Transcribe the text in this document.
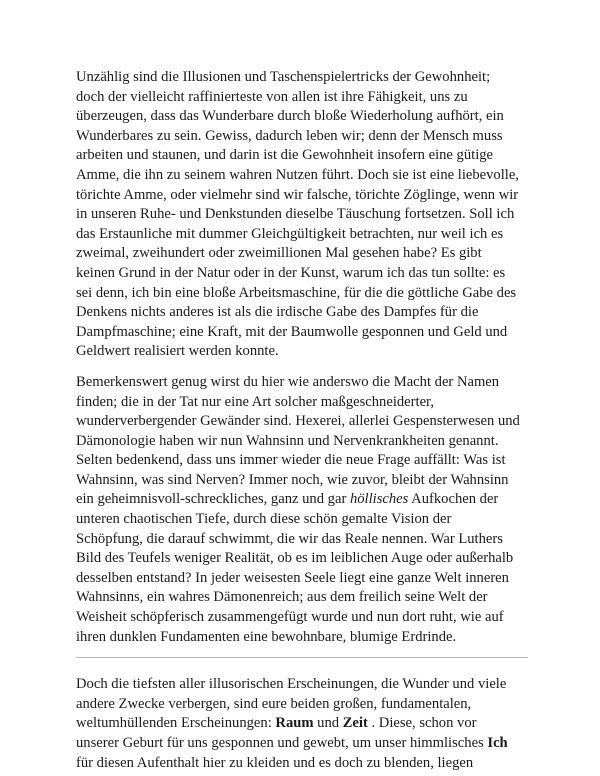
Unzählig sind die Illusionen und Taschenspielertricks der Gewohnheit;
doch der vielleicht raffinierteste von allen ist ihre Fähigkeit, uns zu
überzeugen, dass das Wunderbare durch bloße Wiederholung aufhört, ein
Wunderbares zu sein. Gewiss, dadurch leben wir; denn der Mensch muss
arbeiten und staunen, und darin ist die Gewohnheit insofern eine gütige
Amme, die ihn zu seinem wahren Nutzen führt. Doch sie ist eine liebevolle,
törichte Amme, oder vielmehr sind wir falsche, törichte Zöglinge, wenn wir
in unseren Ruhe- und Denkstunden dieselbe Täuschung fortsetzen. Soll ich
das Erstaunliche mit dummer Gleichgültigkeit betrachten, nur weil ich es
zweimal, zweihundert oder zweimillionen Mal gesehen habe? Es gibt
keinen Grund in der Natur oder in der Kunst, warum ich das tun sollte: es
sei denn, ich bin eine bloße Arbeitsmaschine, für die die göttliche Gabe des
Denkens nichts anderes ist als die irdische Gabe des Dampfes für die
Dampfmaschine; eine Kraft, mit der Baumwolle gesponnen und Geld und
Geldwert realisiert werden konnte.
Bemerkenswert genug wirst du hier wie anderswo die Macht der Namen
finden; die in der Tat nur eine Art solcher maßgeschneiderter,
wunderverbergender Gewänder sind. Hexerei, allerlei Gespensterwesen und
Dämonologie haben wir nun Wahnsinn und Nervenkrankheiten genannt.
Selten bedenkend, dass uns immer wieder die neue Frage auffällt: Was ist
Wahnsinn, was sind Nerven? Immer noch, wie zuvor, bleibt der Wahnsinn
ein geheimnisvoll-schreckliches, ganz und gar höllisches Aufkochen der
unteren chaotischen Tiefe, durch diese schön gemalte Vision der
Schöpfung, die darauf schwimmt, die wir das Reale nennen. War Luthers
Bild des Teufels weniger Realität, ob es im leiblichen Auge oder außerhalb
desselben entstand? In jeder weisesten Seele liegt eine ganze Welt inneren
Wahnsinns, ein wahres Dämonenreich; aus dem freilich seine Welt der
Weisheit schöpferisch zusammengefügt wurde und nun dort ruht, wie auf
ihren dunklen Fundamenten eine bewohnbare, blumige Erdrinde.
Doch die tiefsten aller illusorischen Erscheinungen, die Wunder und viele
andere Zwecke verbergen, sind eure beiden großen, fundamentalen,
weltumhüllenden Erscheinungen: Raum und Zeit . Diese, schon vor
unserer Geburt für uns gesponnen und gewebt, um unser himmlisches Ich
für diesen Aufenthalt hier zu kleiden und es doch zu blenden, liegen
